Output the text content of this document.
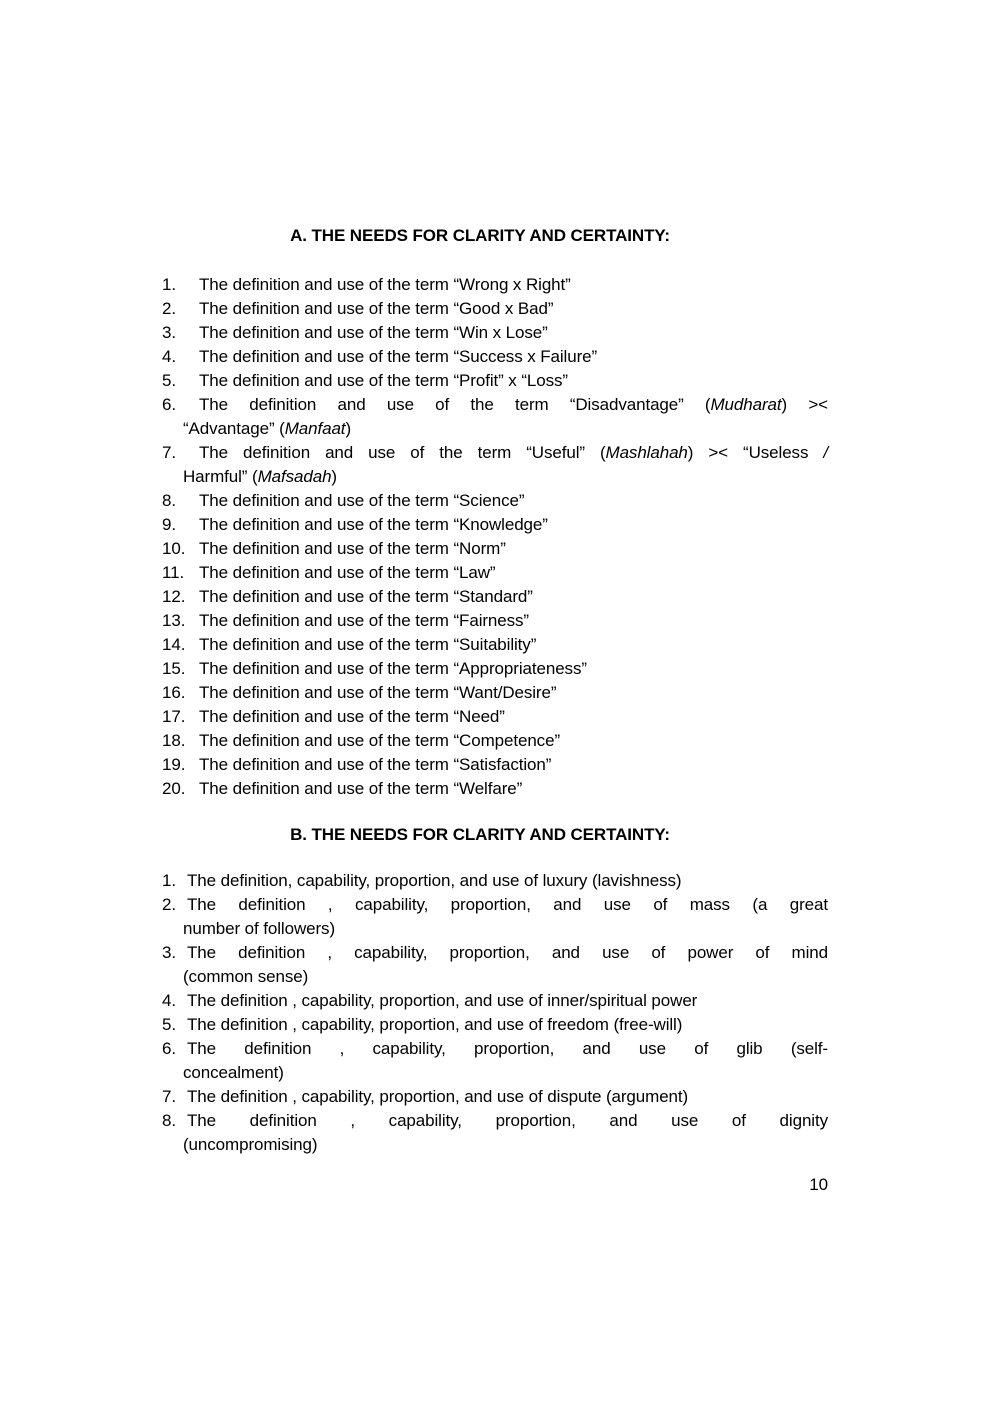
A. THE NEEDS FOR CLARITY AND CERTAINTY:
1. The definition and use of the term “Wrong x Right”
2. The definition and use of the term “Good x Bad”
3. The definition and use of the term “Win x Lose”
4. The definition and use of the term “Success x Failure”
5. The definition and use of the term “Profit” x “Loss”
6. The definition and use of the term “Disadvantage” (Mudharat) ><
“Advantage” (Manfaat)
7. The definition and use of the term “Useful” (Mashlahah) >< “Useless /
Harmful” (Mafsadah)
8. The definition and use of the term “Science”
9. The definition and use of the term “Knowledge”
10. The definition and use of the term “Norm”
11. The definition and use of the term “Law”
12. The definition and use of the term “Standard”
13. The definition and use of the term “Fairness”
14. The definition and use of the term “Suitability”
15. The definition and use of the term “Appropriateness”
16. The definition and use of the term “Want/Desire”
17. The definition and use of the term “Need”
18. The definition and use of the term “Competence”
19. The definition and use of the term “Satisfaction”
20. The definition and use of the term “Welfare”
B. THE NEEDS FOR CLARITY AND CERTAINTY:
1. The definition, capability, proportion, and use of luxury (lavishness)
2. The definition , capability, proportion, and use of mass (a great
number of followers)
3. The definition , capability, proportion, and use of power of mind
(common sense)
4. The definition , capability, proportion, and use of inner/spiritual power
5. The definition , capability, proportion, and use of freedom (free-will)
6. The definition , capability, proportion, and use of glib (self-
concealment)
7. The definition , capability, proportion, and use of dispute (argument)
8. The definition , capability, proportion, and use of dignity
(uncompromising)
10
